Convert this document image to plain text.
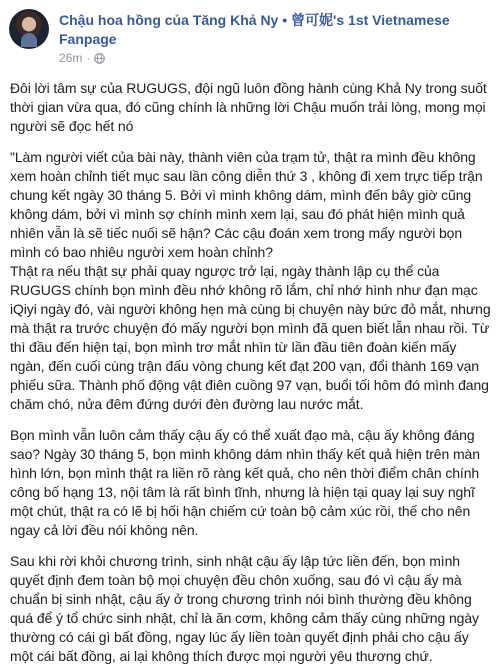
Chậu hoa hồng của Tăng Khả Ny • 曾可妮's 1st Vietnamese Fanpage
26m ·

Đôi lời tâm sự của RUGUGS, đội ngũ luôn đồng hành cùng Khả Ny trong suốt thời gian vừa qua, đó cũng chính là những lời Chậu muốn trải lòng, mong mọi người sẽ đọc hết nó

"Làm người viết của bài này, thành viên của trạm tử, thật ra mình đều không xem hoàn chỉnh tiết mục sau lần công diễn thứ 3 , không đi xem trực tiếp trận chung kết ngày 30 tháng 5. Bởi vì mình không dám, mình đến bây giờ cũng không dám, bởi vì mình sợ chính mình xem lại, sau đó phát hiện mình quả nhiên vẫn là sẽ tiếc nuối sẽ hận? Các cậu đoán xem trong mấy người bọn mình có bao nhiêu người xem hoàn chỉnh?

Thật ra nếu thật sự phải quay ngược trở lại, ngày thành lập cụ thể của RUGUGS chính bọn mình đều nhớ không rõ lắm, chỉ nhớ hình như đạn mạc iQiyi ngày đó, vài người không hẹn mà cùng bị chuyện này bức đỏ mắt, nhưng mà thật ra trước chuyện đó mấy người bọn mình đã quen biết lẫn nhau rồi. Từ thì đầu đến hiện tại, bọn mình trơ mắt nhìn từ lần đầu tiên đoàn kiến mấy ngàn, đến cuối cùng trận đấu vòng chung kết đạt 200 vạn, đổi thành 169 vạn phiếu sữa. Thành phố động vật điên cuồng 97 vạn, buổi tối hôm đó mình đang chăm chó, nửa đêm đứng dưới đèn đường lau nước mắt.

Bọn mình vẫn luôn cảm thấy cậu ấy có thể xuất đạo mà, cậu ấy không đáng sao? Ngày 30 tháng 5, bọn mình không dám nhìn thấy kết quả hiện trên màn hình lớn, bọn mình thật ra liền rõ ràng kết quả, cho nên thời điểm chân chính công bố hạng 13, nội tâm là rất bình tĩnh, nhưng là hiện tại quay lại suy nghĩ một chút, thật ra có lẽ bị hối hận chiếm cứ toàn bộ cảm xúc rồi, thế cho nên ngay cả lời đều nói không nên.

Sau khi rời khỏi chương trình, sinh nhật cậu ấy lập tức liền đến, bọn mình quyết định đem toàn bộ mọi chuyện đều chôn xuống, sau đó vì cậu ấy mà chuẩn bị sinh nhật, cậu ấy ở trong chương trình nói bình thường đều không quá để ý tổ chức sinh nhật, chỉ là ăn cơm, không cảm thấy cùng những ngày thường có cái gì bất đồng, ngay lúc ấy liền toàn quyết định phải cho cậu ấy một cái bất đồng, ai lại không thích được mọi người yêu thương chứ.
